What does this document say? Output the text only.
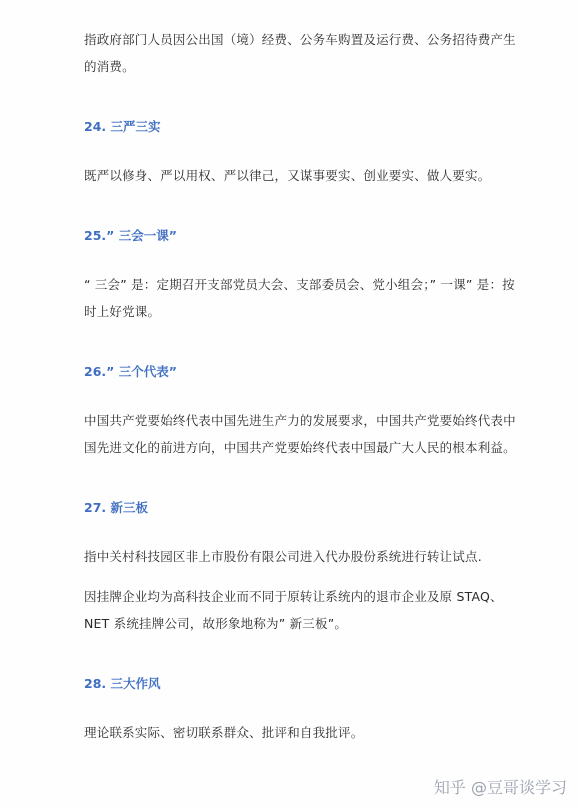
指政府部门人员因公出国（境）经费、公务车购置及运行费、公务招待费产生的消费。

24. 三严三实

既严以修身、严以用权、严以律己，又谋事要实、创业要实、做人要实。

25.” 三会一课”

“ 三会” 是：定期召开支部党员大会、支部委员会、党小组会；” 一课” 是：按时上好党课。

26.” 三个代表”

中国共产党要始终代表中国先进生产力的发展要求，中国共产党要始终代表中国先进文化的前进方向，中国共产党要始终代表中国最广大人民的根本利益。

27. 新三板

指中关村科技园区非上市股份有限公司进入代办股份系统进行转让试点.

因挂牌企业均为高科技企业而不同于原转让系统内的退市企业及原 STAQ、NET 系统挂牌公司，故形象地称为” 新三板”。

28. 三大作风

理论联系实际、密切联系群众、批评和自我批评。

知乎 @豆哥谈学习
